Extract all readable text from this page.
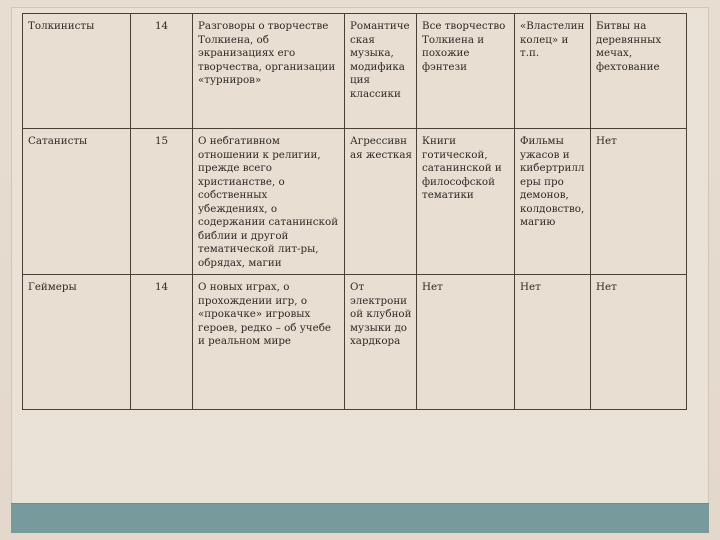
Толкинисты	14	Разговоры о творчестве Толкиена, об экранизациях его творчества, организации «турниров»	Романтиче ская музыка, модифика ция классики	Все творчество Толкиена и похожие фэнтези	«Властелин колец» и т.п.	Битвы на деревянных мечах, фехтование
Сатанисты	15	О небгативном отношении к религии, прежде всего христианстве, о собственных убеждениях, о содержании сатанинской библии и другой тематической лит-ры, обрядах, магии	Агрессивн ая жесткая	Книги готической, сатанинской и философской тематики	Фильмы ужасов и кибертрилл еры про демонов, колдовство, магию	Нет
Геймеры	14	О новых играх, о прохождении игр, о «прокачке» игровых героев, редко – об учебе и реальном мире	От электрони ой клубной музыки до хардкора	Нет	Нет	Нет
